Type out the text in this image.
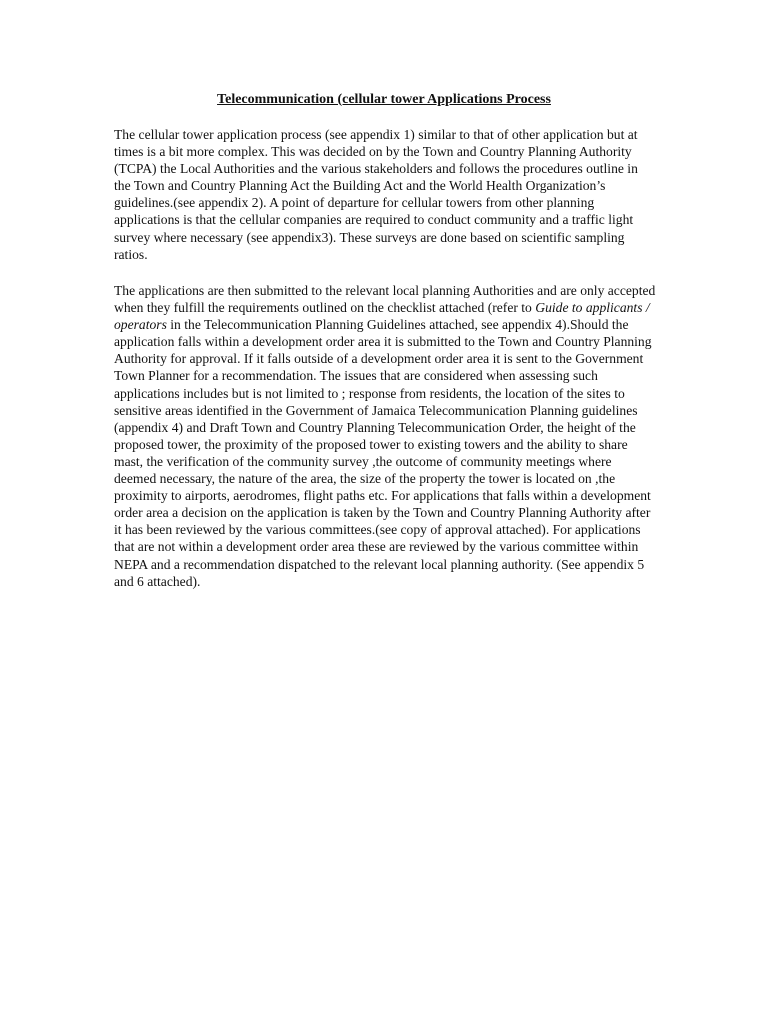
Telecommunication (cellular tower Applications Process

The cellular tower application process (see appendix 1) similar to that of other application but at times is a bit more complex. This was decided on by the Town and Country Planning Authority (TCPA) the Local Authorities and the various stakeholders and follows the procedures outline in the Town and Country Planning Act the Building Act and the World Health Organization’s guidelines.(see appendix 2). A point of departure for cellular towers from other planning applications is that the cellular companies are required to conduct community and a traffic light survey where necessary (see appendix3). These surveys are done based on scientific sampling ratios.

The applications are then submitted to the relevant local planning Authorities and are only accepted when they fulfill the requirements outlined on the checklist attached (refer to Guide to applicants / operators in the Telecommunication Planning Guidelines attached, see appendix 4).Should the application falls within a development order area it is submitted to the Town and Country Planning Authority for approval. If it falls outside of a development order area it is sent to the Government Town Planner for a recommendation. The issues that are considered when assessing such applications includes but is not limited to ; response from residents, the location of the sites to sensitive areas identified in the Government of Jamaica Telecommunication Planning guidelines (appendix 4) and Draft Town and Country Planning Telecommunication Order, the height of the proposed tower, the proximity of the proposed tower to existing towers and the ability to share mast, the verification of the community survey ,the outcome of community meetings where deemed necessary, the nature of the area, the size of the property the tower is located on ,the proximity to airports, aerodromes, flight paths etc. For applications that falls within a development order area a decision on the application is taken by the Town and Country Planning Authority after it has been reviewed by the various committees.(see copy of approval attached). For applications that are not within a development order area these are reviewed by the various committee within NEPA and a recommendation dispatched to the relevant local planning authority. (See appendix 5 and 6 attached).
